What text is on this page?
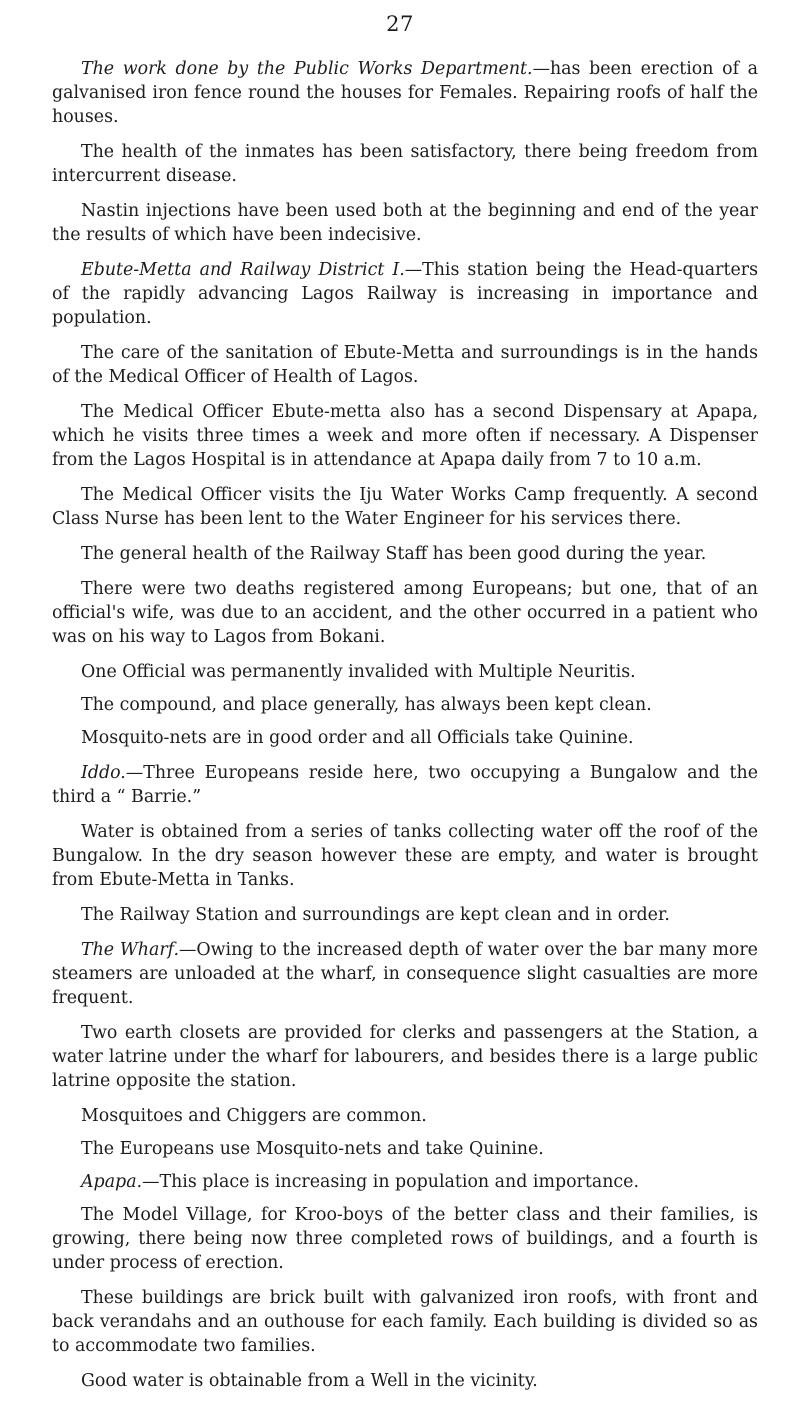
27

The work done by the Public Works Department.—has been erection of a galvanised iron fence round the houses for Females. Repairing roofs of half the houses.

The health of the inmates has been satisfactory, there being freedom from intercurrent disease.

Nastin injections have been used both at the beginning and end of the year the results of which have been indecisive.

Ebute-Metta and Railway District I.—This station being the Head-quarters of the rapidly advancing Lagos Railway is increasing in importance and population.

The care of the sanitation of Ebute-Metta and surroundings is in the hands of the Medical Officer of Health of Lagos.

The Medical Officer Ebute-metta also has a second Dispensary at Apapa, which he visits three times a week and more often if necessary. A Dispenser from the Lagos Hospital is in attendance at Apapa daily from 7 to 10 a.m.

The Medical Officer visits the Iju Water Works Camp frequently. A second Class Nurse has been lent to the Water Engineer for his services there.

The general health of the Railway Staff has been good during the year.

There were two deaths registered among Europeans; but one, that of an official's wife, was due to an accident, and the other occurred in a patient who was on his way to Lagos from Bokani.

One Official was permanently invalided with Multiple Neuritis.

The compound, and place generally, has always been kept clean.

Mosquito-nets are in good order and all Officials take Quinine.

Iddo.—Three Europeans reside here, two occupying a Bungalow and the third a “ Barrie.”

Water is obtained from a series of tanks collecting water off the roof of the Bungalow. In the dry season however these are empty, and water is brought from Ebute-Metta in Tanks.

The Railway Station and surroundings are kept clean and in order.

The Wharf.—Owing to the increased depth of water over the bar many more steamers are unloaded at the wharf, in consequence slight casualties are more frequent.

Two earth closets are provided for clerks and passengers at the Station, a water latrine under the wharf for labourers, and besides there is a large public latrine opposite the station.

Mosquitoes and Chiggers are common.

The Europeans use Mosquito-nets and take Quinine.

Apapa.—This place is increasing in population and importance.

The Model Village, for Kroo-boys of the better class and their families, is growing, there being now three completed rows of buildings, and a fourth is under process of erection.

These buildings are brick built with galvanized iron roofs, with front and back verandahs and an outhouse for each family. Each building is divided so as to accommodate two families.

Good water is obtainable from a Well in the vicinity.
